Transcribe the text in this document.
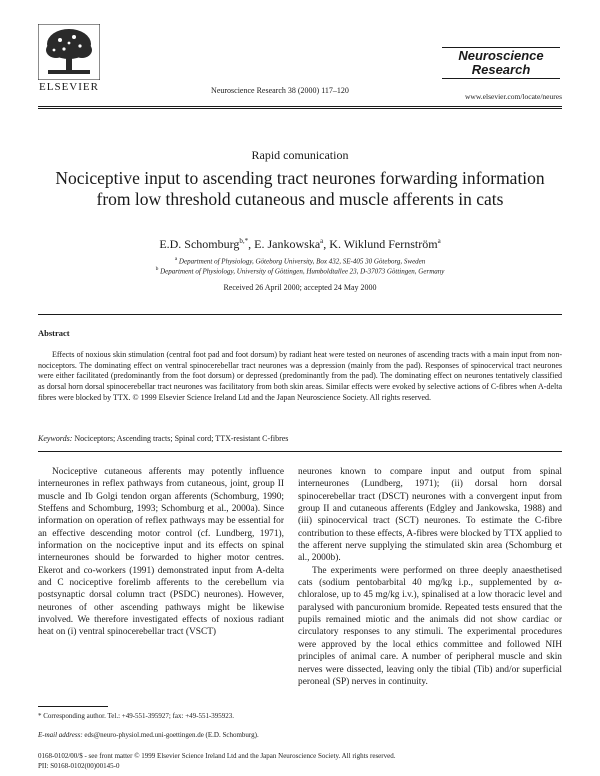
ELSEVIER	Neuroscience Research 38 (2000) 117–120
Neuroscience
Research
www.elsevier.com/locate/neures
Rapid comunication
Nociceptive input to ascending tract neurones forwarding information from low threshold cutaneous and muscle afferents in cats
E.D. Schomburg$^{b,*}$, E. Jankowska$^a$, K. Wiklund Fernström$^a$
$^a$ Department of Physiology, Göteborg University, Box 432, SE-405 30 Göteborg, Sweden
$^b$ Department of Physiology, University of Göttingen, Humboldtallee 23, D-37073 Göttingen, Germany
Received 26 April 2000; accepted 24 May 2000
Abstract
Effects of noxious skin stimulation (central foot pad and foot dorsum) by radiant heat were tested on neurones of ascending tracts with a main input from non-nociceptors. The dominating effect on ventral spinocerebellar tract neurones was a depression (mainly from the pad). Responses of spinocervical tract neurones were either facilitated (predominantly from the foot dorsum) or depressed (predominantly from the pad). The dominating effect on neurones tentatively classified as dorsal horn dorsal spinocerebellar tract neurones was facilitatory from both skin areas. Similar effects were evoked by selective actions of C-fibres when A-delta fibres were blocked by TTX. © 1999 Elsevier Science Ireland Ltd and the Japan Neuroscience Society. All rights reserved.
Keywords: Nociceptors; Ascending tracts; Spinal cord; TTX-resistant C-fibres

Nociceptive cutaneous afferents may potently influence interneurones in reflex pathways from cutaneous, joint, group II muscle and Ib Golgi tendon organ afferents (Schomburg, 1990; Steffens and Schomburg, 1993; Schomburg et al., 2000a). Since information on operation of reflex pathways may be essential for an effective descending motor control (cf. Lundberg, 1971), information on the nociceptive input and its effects on spinal interneurones should be forwarded to higher motor centres. Ekerot and co-workers (1991) demonstrated input from A-delta and C nociceptive forelimb afferents to the cerebellum via postsynaptic dorsal column tract (PSDC) neurones). However, neurones of other ascending pathways might be likewise involved. We therefore investigated effects of noxious radiant heat on (i) ventral spinocerebellar tract (VSCT)

neurones known to compare input and output from spinal interneurones (Lundberg, 1971); (ii) dorsal horn dorsal spinocerebellar tract (DSCT) neurones with a convergent input from group II and cutaneous afferents (Edgley and Jankowska, 1988) and (iii) spinocervical tract (SCT) neurones. To estimate the C-fibre contribution to these effects, A-fibres were blocked by TTX applied to the afferent nerve supplying the stimulated skin area (Schomburg et al., 2000b).

The experiments were performed on three deeply anaesthetised cats (sodium pentobarbital 40 mg/kg i.p., supplemented by α-chloralose, up to 45 mg/kg i.v.), spinalised at a low thoracic level and paralysed with pancuronium bromide. Repeated tests ensured that the pupils remained miotic and the animals did not show cardiac or circulatory responses to any stimuli. The experimental procedures were approved by the local ethics committee and followed NIH principles of animal care. A number of peripheral muscle and skin nerves were dissected, leaving only the tibial (Tib) and/or superficial peroneal (SP) nerves in continuity.

* Corresponding author. Tel.: +49-551-395927; fax: +49-551-395923.
E-mail address: eds@neuro-physiol.med.uni-goettingen.de (E.D. Schomburg).
0168-0102/00/$ - see front matter © 1999 Elsevier Science Ireland Ltd and the Japan Neuroscience Society. All rights reserved.
PII: S0168-0102(00)00145-0
